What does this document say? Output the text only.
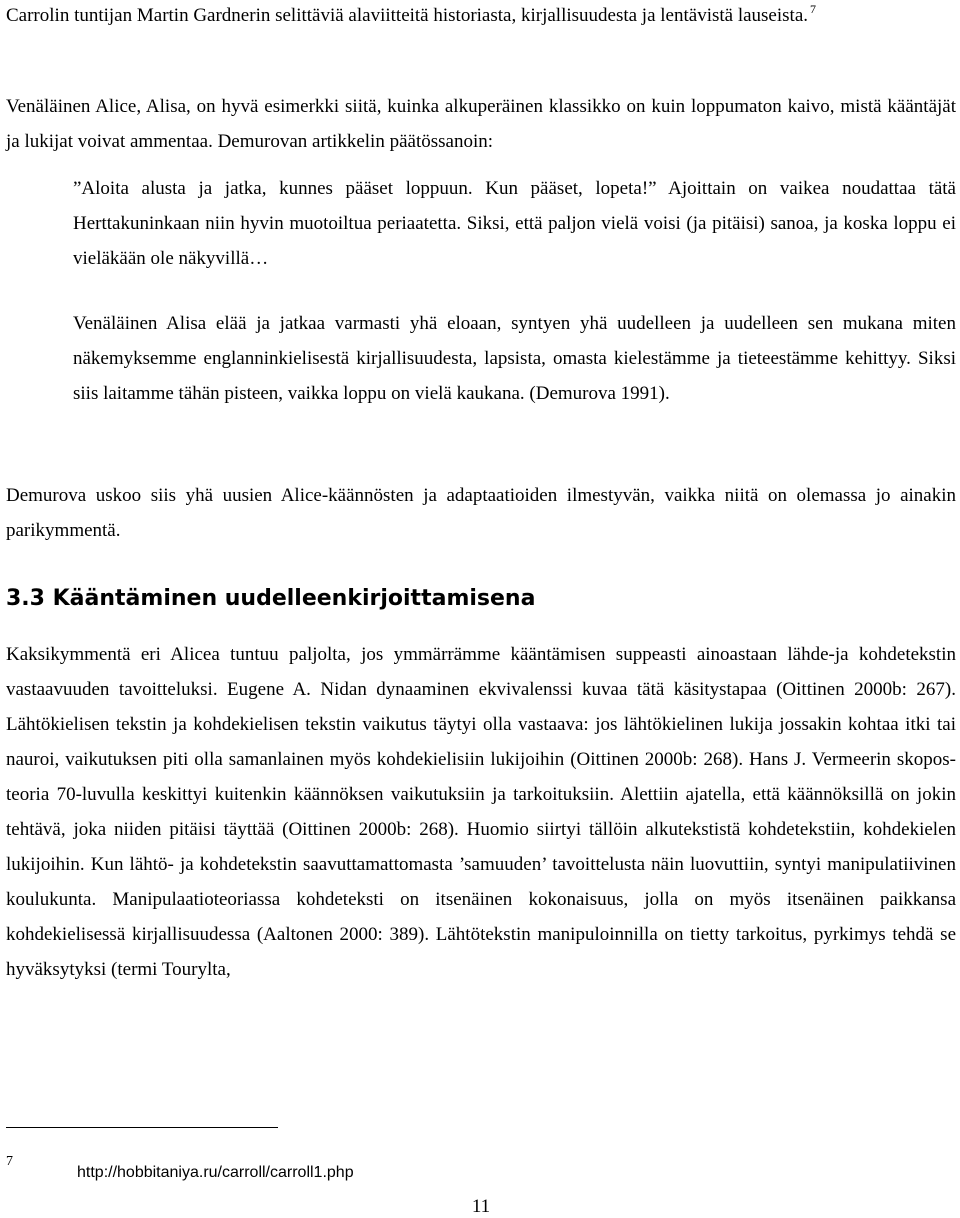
Carrolin tuntijan Martin Gardnerin selittäviä alaviitteitä historiasta, kirjallisuudesta ja lentävistä lauseista. $^7$

Venäläinen Alice, Alisa, on hyvä esimerkki siitä, kuinka alkuperäinen klassikko on kuin loppumaton kaivo, mistä kääntäjät ja lukijat voivat ammentaa. Demurovan artikkelin päätössanoin:

”Aloita alusta ja jatka, kunnes pääset loppuun. Kun pääset, lopeta!” Ajoittain on vaikea noudattaa tätä Herttakuninkaan niin hyvin muotoiltua periaatetta. Siksi, että paljon vielä voisi (ja pitäisi) sanoa, ja koska loppu ei vieläkään ole näkyvillä…
Venäläinen Alisa elää ja jatkaa varmasti yhä eloaan, syntyen yhä uudelleen ja uudelleen sen mukana miten näkemyksemme englanninkielisestä kirjallisuudesta, lapsista, omasta kielestämme ja tieteestämme kehittyy. Siksi siis laitamme tähän pisteen, vaikka loppu on vielä kaukana. (Demurova 1991).

Demurova uskoo siis yhä uusien Alice-käännösten ja adaptaatioiden ilmestyvän, vaikka niitä on olemassa jo ainakin parikymmentä.

3.3 Kääntäminen uudelleenkirjoittamisena

Kaksikymmentä eri Alicea tuntuu paljolta, jos ymmärrämme kääntämisen suppeasti ainoastaan lähde-ja kohdetekstin vastaavuuden tavoitteluksi. Eugene A. Nidan dynaaminen ekvivalenssi kuvaa tätä käsitystapaa (Oittinen 2000b: 267). Lähtökielisen tekstin ja kohdekielisen tekstin vaikutus täytyi olla vastaava: jos lähtökielinen lukija jossakin kohtaa itki tai nauroi, vaikutuksen piti olla samanlainen myös kohdekielisiin lukijoihin (Oittinen 2000b: 268). Hans J. Vermeerin skopos-teoria 70-luvulla keskittyi kuitenkin käännöksen vaikutuksiin ja tarkoituksiin. Alettiin ajatella, että käännöksillä on jokin tehtävä, joka niiden pitäisi täyttää (Oittinen 2000b: 268). Huomio siirtyi tällöin alkutekstistä kohdetekstiin, kohdekielen lukijoihin. Kun lähtö- ja kohdetekstin saavuttamattomasta ’samuuden’ tavoittelusta näin luovuttiin, syntyi manipulatiivinen koulukunta. Manipulaatioteoriassa kohdeteksti on itsenäinen kokonaisuus, jolla on myös itsenäinen paikkansa kohdekielisessä kirjallisuudessa (Aaltonen 2000: 389). Lähtötekstin manipuloinnilla on tietty tarkoitus, pyrkimys tehdä se hyväksytyksi (termi Tourylta,

7
http://hobbitaniya.ru/carroll/carroll1.php
11
